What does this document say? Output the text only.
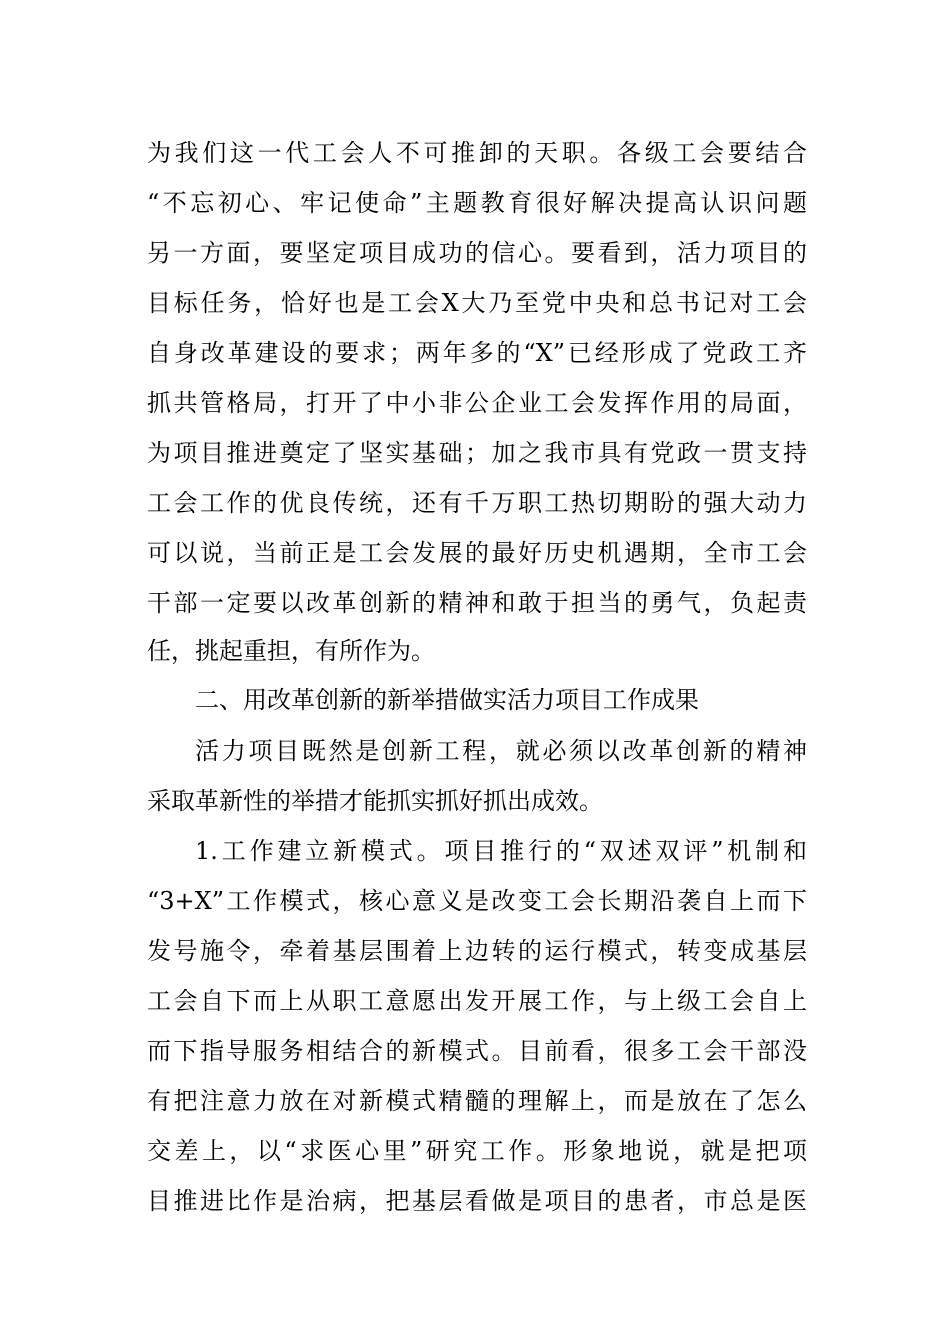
为我们这一代工会人不可推卸的天职。各级工会要结合
“不忘初心、牢记使命”主题教育很好解决提高认识问题
另一方面，要坚定项目成功的信心。要看到，活力项目的
目标任务，恰好也是工会X大乃至党中央和总书记对工会
自身改革建设的要求；两年多的“X”已经形成了党政工齐
抓共管格局，打开了中小非公企业工会发挥作用的局面，
为项目推进奠定了坚实基础；加之我市具有党政一贯支持
工会工作的优良传统，还有千万职工热切期盼的强大动力
可以说，当前正是工会发展的最好历史机遇期，全市工会
干部一定要以改革创新的精神和敢于担当的勇气，负起责
任，挑起重担，有所作为。
二、用改革创新的新举措做实活力项目工作成果
活力项目既然是创新工程，就必须以改革创新的精神
采取革新性的举措才能抓实抓好抓出成效。
1.工作建立新模式。项目推行的“双述双评”机制和
“3+X”工作模式，核心意义是改变工会长期沿袭自上而下
发号施令，牵着基层围着上边转的运行模式，转变成基层
工会自下而上从职工意愿出发开展工作，与上级工会自上
而下指导服务相结合的新模式。目前看，很多工会干部没
有把注意力放在对新模式精髓的理解上，而是放在了怎么
交差上，以“求医心里”研究工作。形象地说，就是把项
目推进比作是治病，把基层看做是项目的患者，市总是医
